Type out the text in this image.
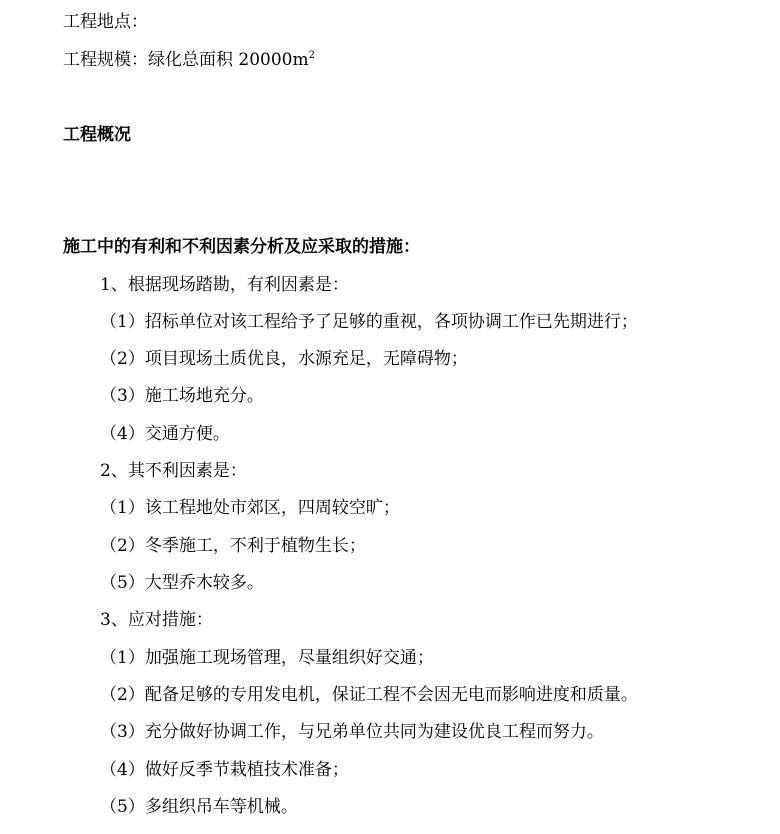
工程地点：
工程规模：绿化总面积 $20000m^2$
工程概况
施工中的有利和不利因素分析及应采取的措施：
1、根据现场踏勘，有利因素是：
（1）招标单位对该工程给予了足够的重视，各项协调工作已先期进行；
（2）项目现场土质优良，水源充足，无障碍物；
（3）施工场地充分。
（4）交通方便。
2、其不利因素是：
（1）该工程地处市郊区，四周较空旷；
（2）冬季施工，不利于植物生长；
（5）大型乔木较多。
3、应对措施：
（1）加强施工现场管理，尽量组织好交通；
（2）配备足够的专用发电机，保证工程不会因无电而影响进度和质量。
（3）充分做好协调工作，与兄弟单位共同为建设优良工程而努力。
（4）做好反季节栽植技术准备；
（5）多组织吊车等机械。
